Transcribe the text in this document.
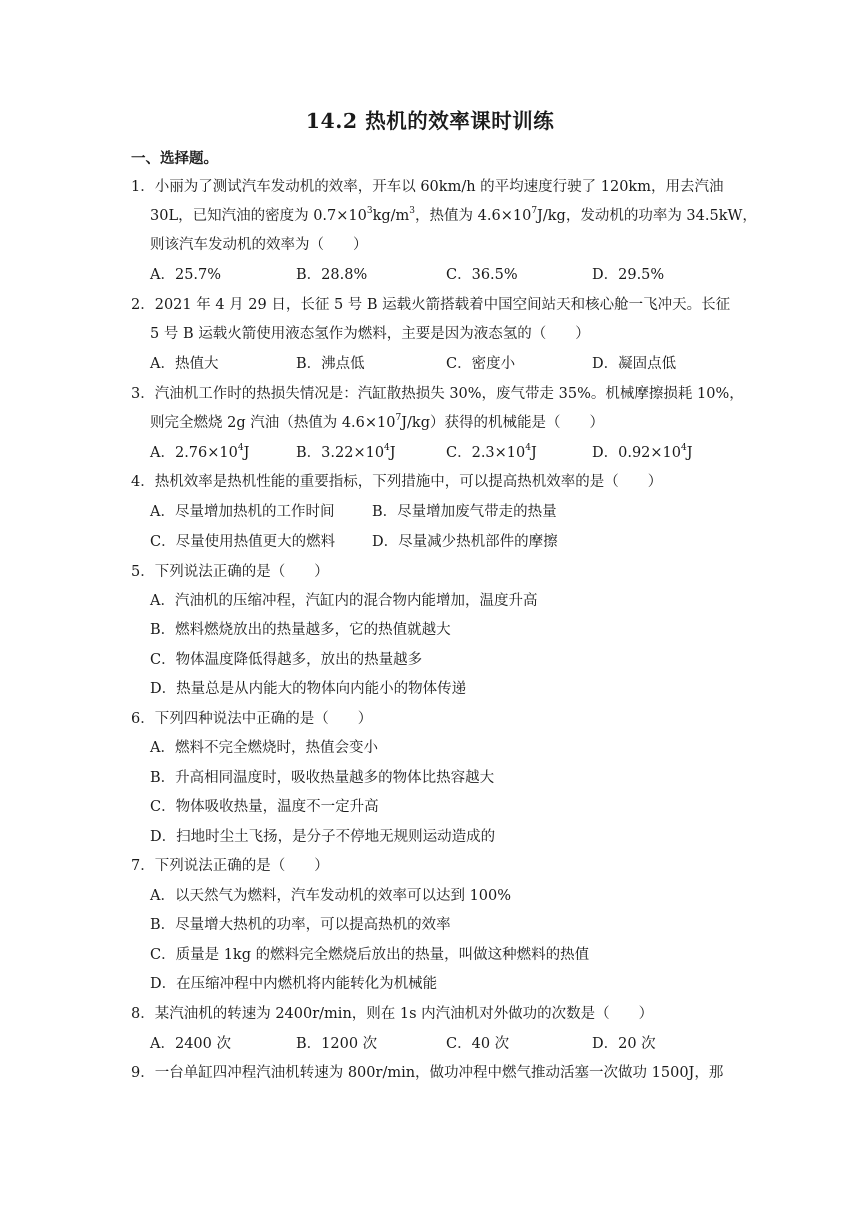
14.2 热机的效率课时训练
一、选择题。
1．小丽为了测试汽车发动机的效率，开车以 60km/h 的平均速度行驶了 120km，用去汽油
30L，已知汽油的密度为 $0.7\times 10^3kg/m^3$，热值为 $4.6\times 10^7J/kg$，发动机的功率为 34.5kW，
则该汽车发动机的效率为（　　）
A．25.7%	B．28.8%	C．36.5%	D．29.5%
2．2021 年 4 月 29 日，长征 5 号 B 运载火箭搭载着中国空间站天和核心舱一飞冲天。长征
5 号 B 运载火箭使用液态氢作为燃料，主要是因为液态氢的（　　）
A．热值大	B．沸点低	C．密度小	D．凝固点低
3．汽油机工作时的热损失情况是：汽缸散热损失 30%，废气带走 35%。机械摩擦损耗 10%，
则完全燃烧 2g 汽油（热值为 $4.6\times 10^7J/kg$）获得的机械能是（　　）
A．$2.76\times 10^4J$	B．$3.22\times 10^4J$	C．$2.3\times 10^4J$	D．$0.92\times 10^4J$
4．热机效率是热机性能的重要指标，下列措施中，可以提高热机效率的是（　　）
A．尽量增加热机的工作时间	B．尽量增加废气带走的热量
C．尽量使用热值更大的燃料	D．尽量减少热机部件的摩擦
5．下列说法正确的是（　　）
A．汽油机的压缩冲程，汽缸内的混合物内能增加，温度升高
B．燃料燃烧放出的热量越多，它的热值就越大
C．物体温度降低得越多，放出的热量越多
D．热量总是从内能大的物体向内能小的物体传递
6．下列四种说法中正确的是（　　）
A．燃料不完全燃烧时，热值会变小
B．升高相同温度时，吸收热量越多的物体比热容越大
C．物体吸收热量，温度不一定升高
D．扫地时尘土飞扬，是分子不停地无规则运动造成的
7．下列说法正确的是（　　）
A．以天然气为燃料，汽车发动机的效率可以达到 100%
B．尽量增大热机的功率，可以提高热机的效率
C．质量是 1kg 的燃料完全燃烧后放出的热量，叫做这种燃料的热值
D．在压缩冲程中内燃机将内能转化为机械能
8．某汽油机的转速为 2400r/min，则在 1s 内汽油机对外做功的次数是（　　）
A．2400 次	B．1200 次	C．40 次	D．20 次
9．一台单缸四冲程汽油机转速为 800r/min，做功冲程中燃气推动活塞一次做功 1500J，那
